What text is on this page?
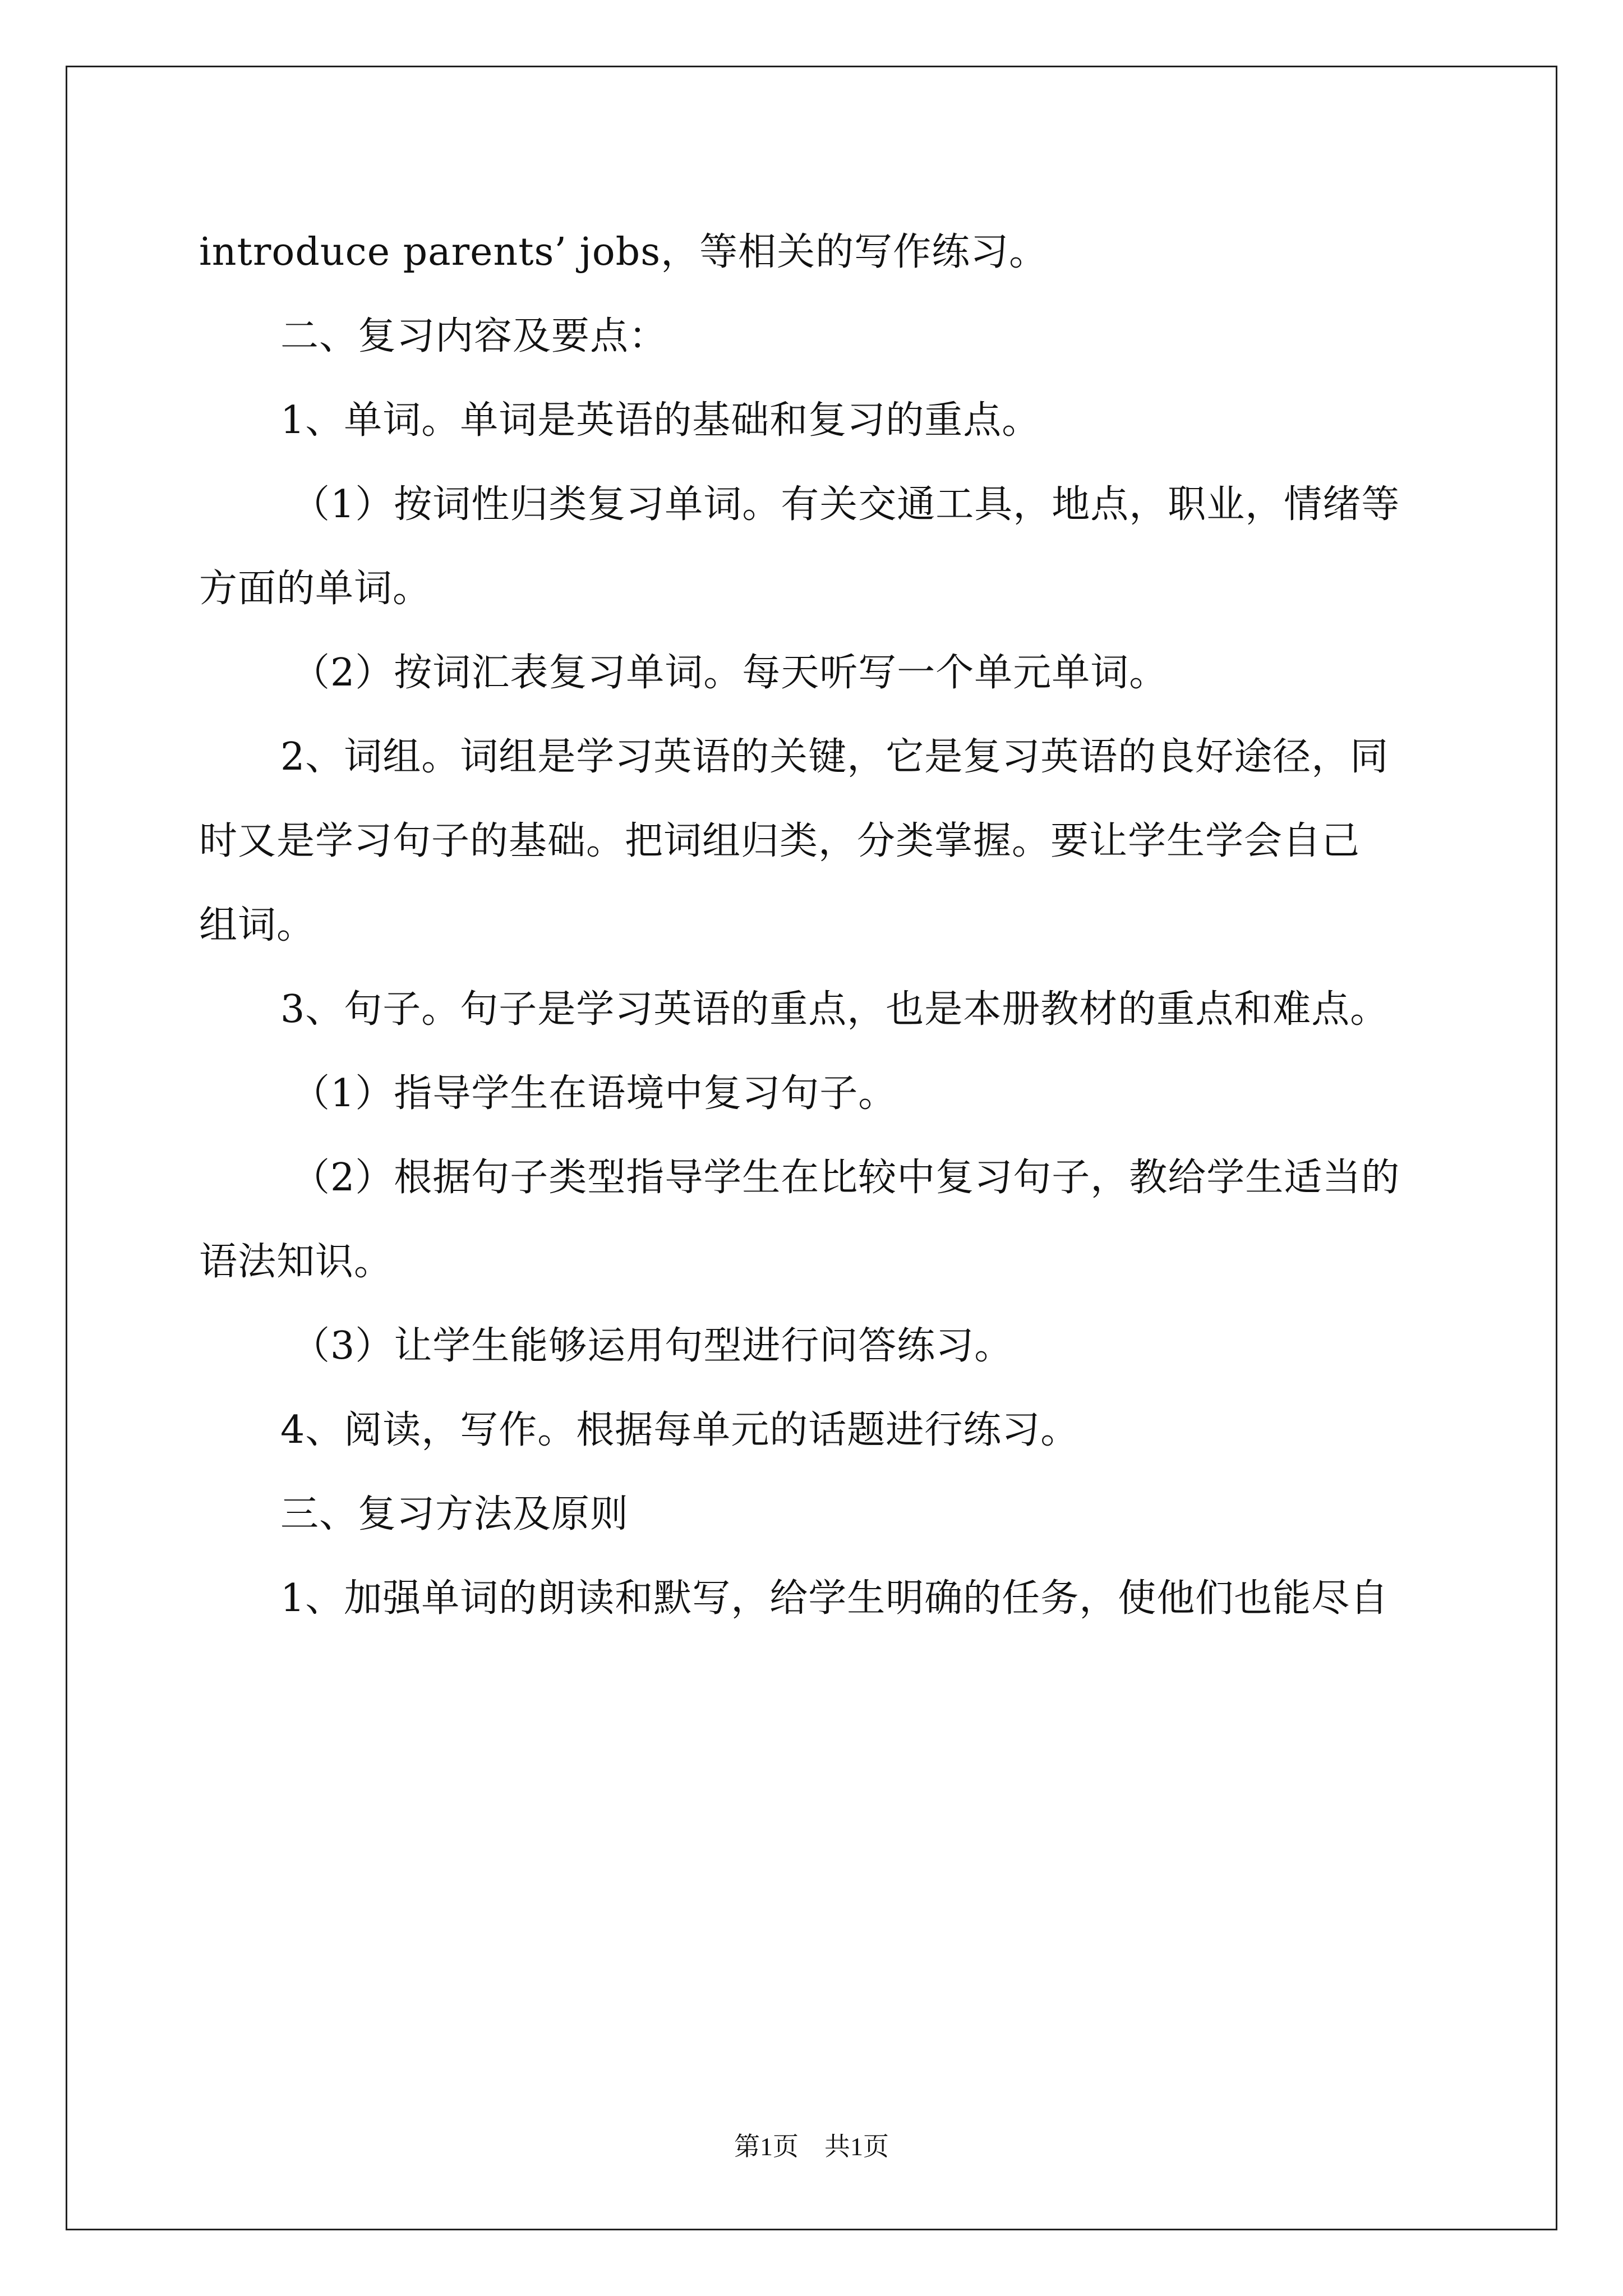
introduce parents’ jobs，等相关的写作练习。
二、复习内容及要点：
1、单词。单词是英语的基础和复习的重点。
（1）按词性归类复习单词。有关交通工具，地点，职业，情绪等
方面的单词。
（2）按词汇表复习单词。每天听写一个单元单词。
2、词组。词组是学习英语的关键，它是复习英语的良好途径，同
时又是学习句子的基础。把词组归类，分类掌握。要让学生学会自己
组词。
3、句子。句子是学习英语的重点，也是本册教材的重点和难点。
（1）指导学生在语境中复习句子。
（2）根据句子类型指导学生在比较中复习句子，教给学生适当的
语法知识。
（3）让学生能够运用句型进行问答练习。
4、阅读，写作。根据每单元的话题进行练习。
三、复习方法及原则
1、加强单词的朗读和默写，给学生明确的任务，使他们也能尽自
第1页　共1页
